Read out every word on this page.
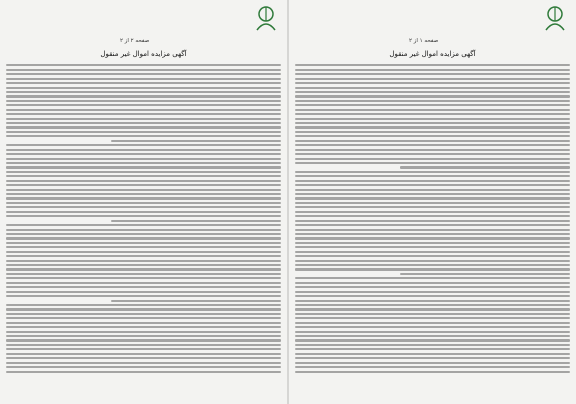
صفحه ۱ از ۲
آگهی مزایده اموال غیر منقول
صفحه ۲ از ۲
آگهی مزایده اموال غیر منقول
